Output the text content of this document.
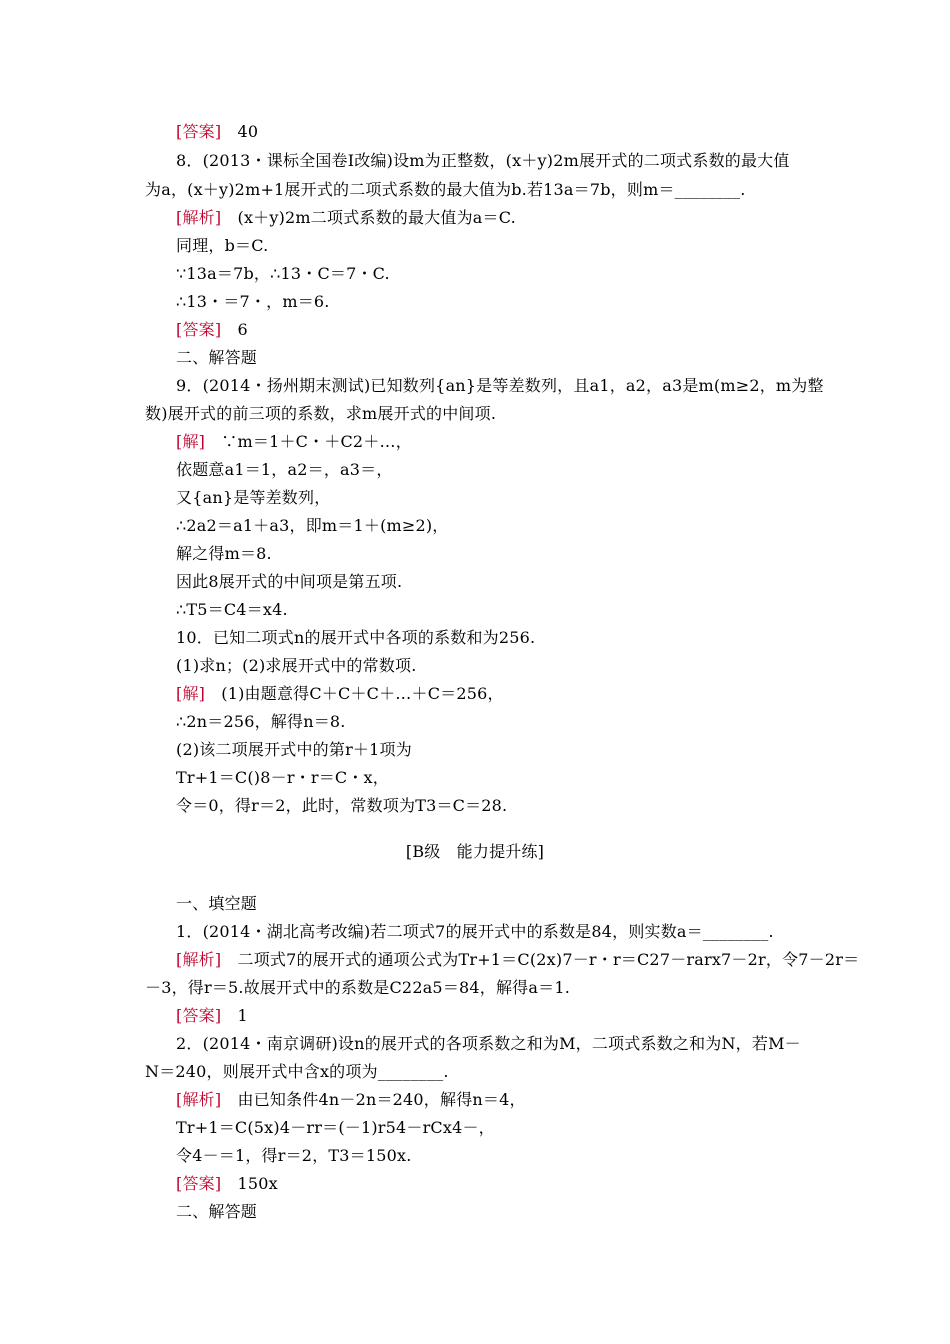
[答案]　 40
8．(2013・课标全国卷Ⅰ改编)设m为正整数，(x＋y)2m展开式的二项式系数的最大值
为a，(x＋y)2m+1展开式的二项式系数的最大值为b.若13a＝7b，则m＝________.
[解析]　 (x＋y)2m二项式系数的最大值为a＝C.
同理，b＝C.
∵13a＝7b，∴13・C＝7・C.
∴13・＝7・，m＝6.
[答案]　 6
二、解答题
9．(2014・扬州期末测试)已知数列{an}是等差数列，且a1，a2，a3是m(m≥2，m为整
数)展开式的前三项的系数，求m展开式的中间项.
[解]　 ∵m＝1＋C・＋C2＋…，
依题意a1＝1，a2＝，a3＝，
又{an}是等差数列，
∴2a2＝a1＋a3，即m＝1＋(m≥2)，
解之得m＝8.
因此8展开式的中间项是第五项.
∴T5＝C4＝x4.
10．已知二项式n的展开式中各项的系数和为256.
(1)求n；(2)求展开式中的常数项.
[解]　 (1)由题意得C＋C＋C＋…＋C＝256，
∴2n＝256，解得n＝8.
(2)该二项展开式中的第r＋1项为
Tr+1＝C()8－r・r＝C・x，
令＝0，得r＝2，此时，常数项为T3＝C＝28.
[B级　能力提升练]
一、填空题
1．(2014・湖北高考改编)若二项式7的展开式中的系数是84，则实数a＝________.
[解析]　 二项式7的展开式的通项公式为Tr+1＝C(2x)7－r・r＝C27－rarx7－2r，令7－2r＝
－3，得r＝5.故展开式中的系数是C22a5＝84，解得a＝1.
[答案]　 1
2．(2014・南京调研)设n的展开式的各项系数之和为M，二项式系数之和为N，若M－
N＝240，则展开式中含x的项为________.
[解析]　 由已知条件4n－2n＝240，解得n＝4，
Tr+1＝C(5x)4－rr＝(－1)r54－rCx4－，
令4－＝1，得r＝2，T3＝150x.
[答案]　 150x
二、解答题
